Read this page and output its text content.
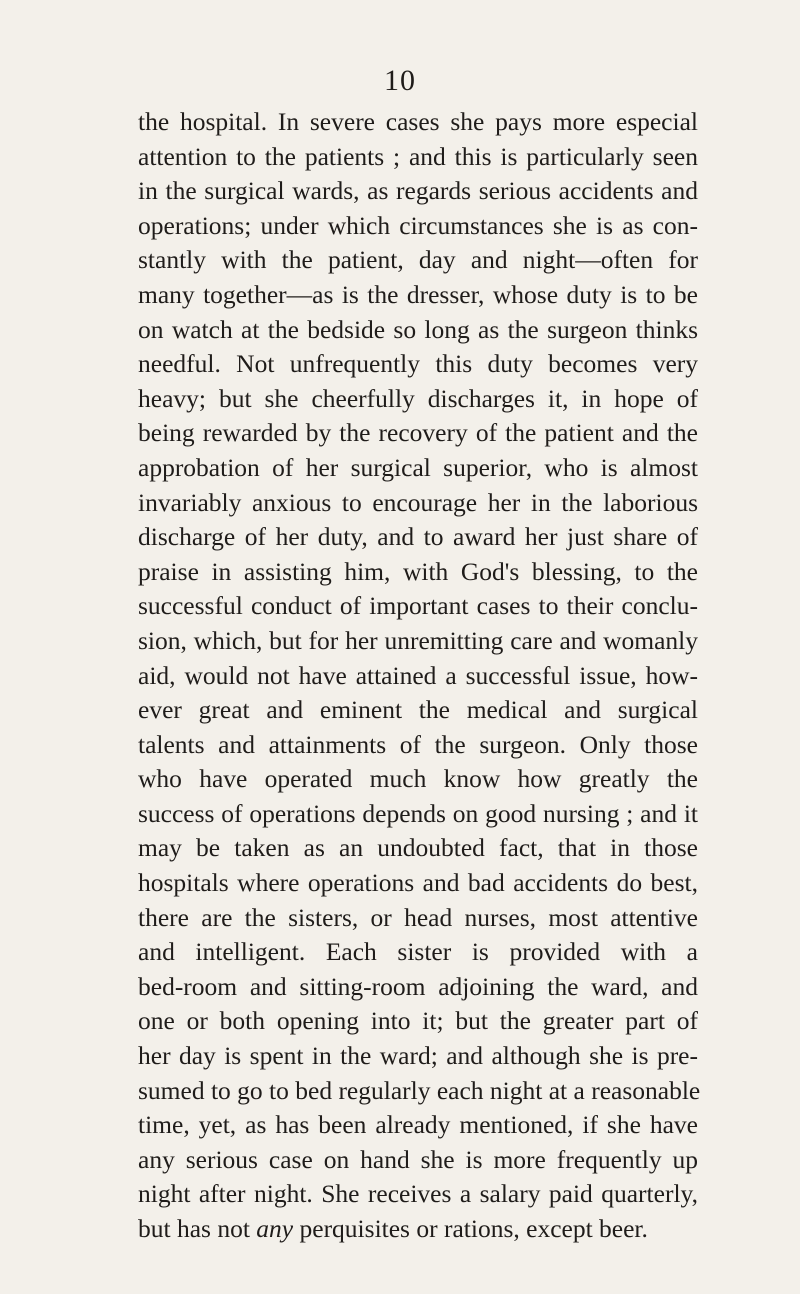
10
the hospital. In severe cases she pays more especial
attention to the patients ; and this is particularly seen
in the surgical wards, as regards serious accidents and
operations; under which circumstances she is as con-
stantly with the patient, day and night—often for
many together—as is the dresser, whose duty is to be
on watch at the bedside so long as the surgeon thinks
needful. Not unfrequently this duty becomes very
heavy; but she cheerfully discharges it, in hope of
being rewarded by the recovery of the patient and the
approbation of her surgical superior, who is almost
invariably anxious to encourage her in the laborious
discharge of her duty, and to award her just share of
praise in assisting him, with God's blessing, to the
successful conduct of important cases to their conclu-
sion, which, but for her unremitting care and womanly
aid, would not have attained a successful issue, how-
ever great and eminent the medical and surgical
talents and attainments of the surgeon. Only those
who have operated much know how greatly the
success of operations depends on good nursing ; and it
may be taken as an undoubted fact, that in those
hospitals where operations and bad accidents do best,
there are the sisters, or head nurses, most attentive
and intelligent. Each sister is provided with a
bed-room and sitting-room adjoining the ward, and
one or both opening into it; but the greater part of
her day is spent in the ward; and although she is pre-
sumed to go to bed regularly each night at a reasonable
time, yet, as has been already mentioned, if she have
any serious case on hand she is more frequently up
night after night. She receives a salary paid quarterly,
but has not any perquisites or rations, except beer.
